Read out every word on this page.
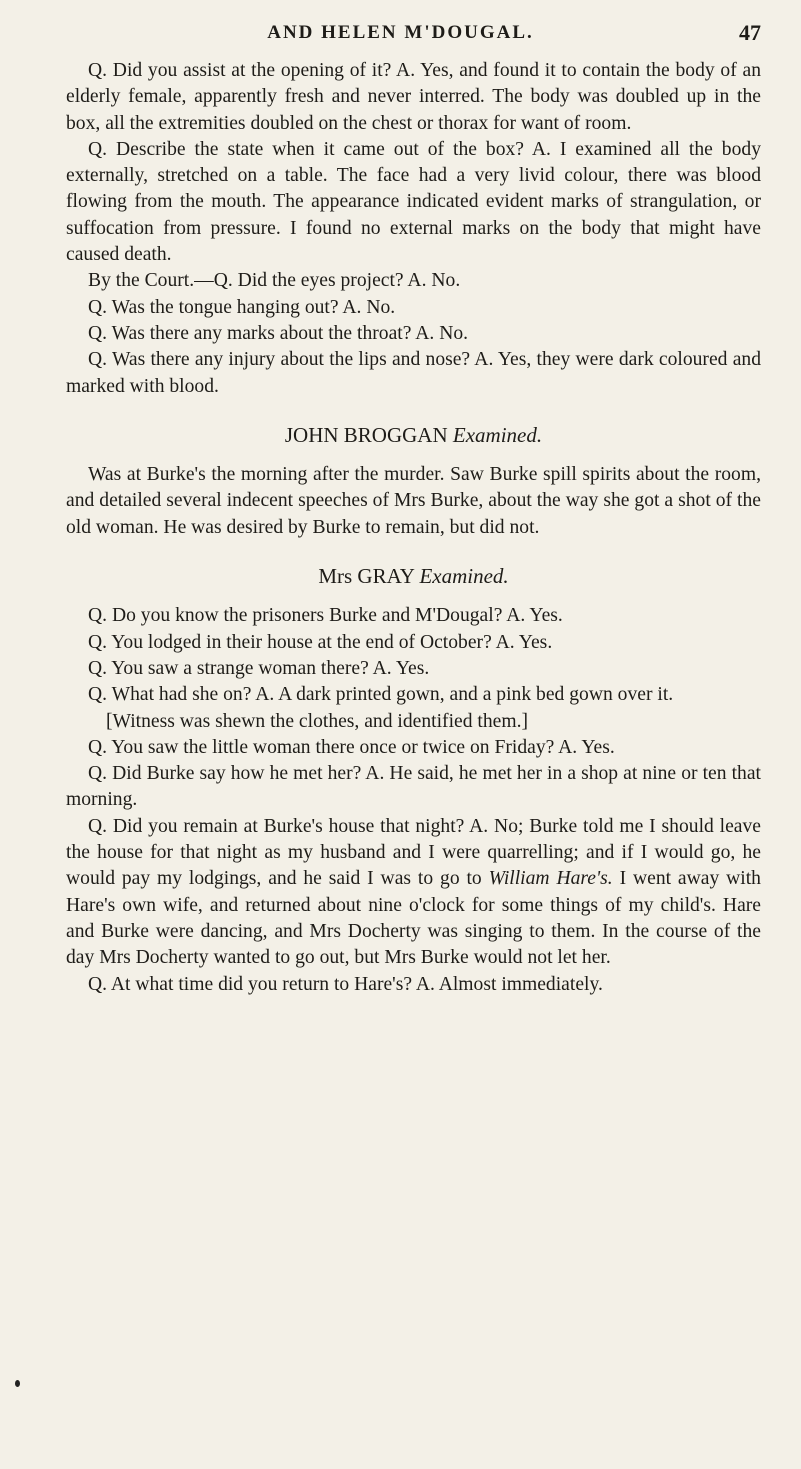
AND HELEN M'DOUGAL.	47

Q. Did you assist at the opening of it? A. Yes, and found it to contain the body of an elderly female, apparently fresh and never interred. The body was doubled up in the box, all the extremities doubled on the chest or thorax for want of room.

Q. Describe the state when it came out of the box? A. I examined all the body externally, stretched on a table. The face had a very livid colour, there was blood flowing from the mouth. The appearance indicated evident marks of strangulation, or suffocation from pressure. I found no external marks on the body that might have caused death.

By the Court.—Q. Did the eyes project? A. No.

Q. Was the tongue hanging out? A. No.

Q. Was there any marks about the throat? A. No.

Q. Was there any injury about the lips and nose? A. Yes, they were dark coloured and marked with blood.

JOHN BROGGAN Examined.

Was at Burke's the morning after the murder. Saw Burke spill spirits about the room, and detailed several indecent speeches of Mrs Burke, about the way she got a shot of the old woman. He was desired by Burke to remain, but did not.

Mrs GRAY Examined.

Q. Do you know the prisoners Burke and M'Dougal? A. Yes.

Q. You lodged in their house at the end of October? A. Yes.

Q. You saw a strange woman there? A. Yes.

Q. What had she on? A. A dark printed gown, and a pink bed gown over it.

[Witness was shewn the clothes, and identified them.]

Q. You saw the little woman there once or twice on Friday? A. Yes.

Q. Did Burke say how he met her? A. He said, he met her in a shop at nine or ten that morning.

Q. Did you remain at Burke's house that night? A. No; Burke told me I should leave the house for that night as my husband and I were quarrelling; and if I would go, he would pay my lodgings, and he said I was to go to William Hare's. I went away with Hare's own wife, and returned about nine o'clock for some things of my child's. Hare and Burke were dancing, and Mrs Docherty was singing to them. In the course of the day Mrs Docherty wanted to go out, but Mrs Burke would not let her.

Q. At what time did you return to Hare's? A. Almost immediately.
